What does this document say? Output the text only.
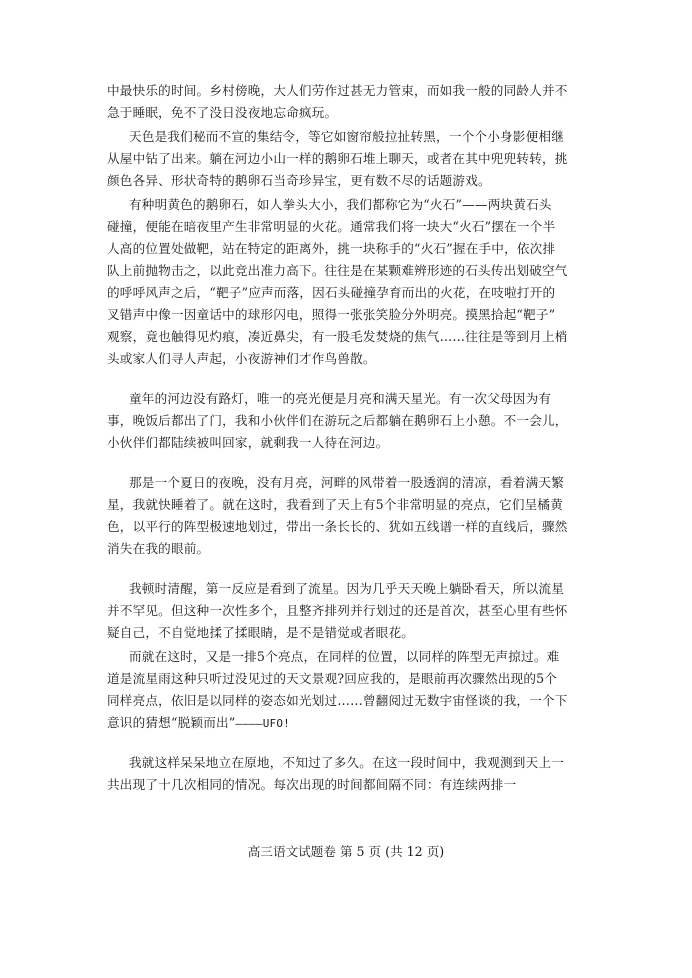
中最快乐的时间。乡村傍晚，大人们劳作过甚无力管束，而如我一般的同龄人并不
急于睡眠，免不了没日没夜地忘命疯玩。
天色是我们秘而不宣的集结令，等它如窗帘般拉扯转黑，一个个小身影便相继
从屋中钻了出来。躺在河边小山一样的鹅卵石堆上聊天，或者在其中兜兜转转，挑
颜色各异、形状奇特的鹅卵石当奇珍异宝，更有数不尽的话题游戏。
有种明黄色的鹅卵石，如人拳头大小，我们都称它为“火石”——两块黄石头
碰撞，便能在暗夜里产生非常明显的火花。通常我们将一块大“火石”摆在一个半
人高的位置处做靶，站在特定的距离外，挑一块称手的“火石”握在手中，依次排
队上前抛物击之，以此竞出准力高下。往往是在某颗难辨形迹的石头传出划破空气
的呼呼风声之后，“靶子”应声而落，因石头碰撞孕育而出的火花，在吱啦打开的
叉错声中像一因童话中的球形闪电，照得一张张笑脸分外明亮。摸黑拾起“靶子”
观察，竟也触得见灼痕，凑近鼻尖，有一股毛发焚烧的焦气……往往是等到月上梢
头或家人们寻人声起，小夜游神们才作鸟兽散。
童年的河边没有路灯，唯一的亮光便是月亮和满天星光。有一次父母因为有
事，晚饭后都出了门，我和小伙伴们在游玩之后都躺在鹅卵石上小憩。不一会儿，
小伙伴们都陆续被叫回家，就剩我一人待在河边。
那是一个夏日的夜晚，没有月亮，河畔的风带着一股透润的清凉，看着满天繁
星，我就快睡着了。就在这时，我看到了天上有5个非常明显的亮点，它们呈橘黄
色，以平行的阵型极速地划过，带出一条长长的、犹如五线谱一样的直线后，骤然
消失在我的眼前。
我顿时清醒，第一反应是看到了流星。因为几乎天天晚上躺卧看天，所以流星
并不罕见。但这种一次性多个，且整齐排列并行划过的还是首次，甚至心里有些怀
疑自己，不自觉地揉了揉眼睛，是不是错觉或者眼花。
而就在这时，又是一排5个亮点，在同样的位置，以同样的阵型无声掠过。难
道是流星雨这种只听过没见过的天文景观?回应我的，是眼前再次骤然出现的5个
同样亮点，依旧是以同样的姿态如光划过……曾翻阅过无数宇宙怪谈的我，一个下
意识的猜想“脱颖而出”————UFO!
我就这样呆呆地立在原地，不知过了多久。在这一段时间中，我观测到天上一
共出现了十几次相同的情况。每次出现的时间都间隔不同：有连续两排一
高三语文试题卷 第 5 页 (共 12 页)
